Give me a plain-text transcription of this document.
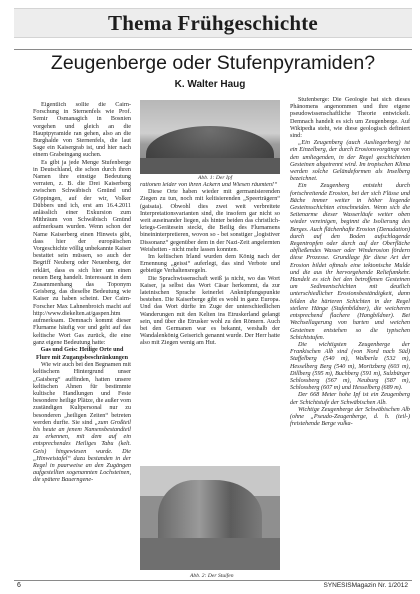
Thema Frühgeschichte
Zeugenberge oder Stufenpyramiden?
K. Walter Haug

Eigentlich sollte die Cairn-Forschung in Sternenfels wie Prof. Semir Osmanagich in Bosnien vorgehen und gleich an die Hauptpyramide ran gehen, also an die Burghalde von Sternenfels, die laut Sage ein Kaisergrab ist, und hier nach einem Grabeingang suchen.

Es gibt ja jede Menge Stufenberge in Deutschland, die schon durch ihren Namen ihre einstige Bedeutung verraten, z. B. die Drei Kaiserberg zwischen Schwäbisch Gmünd und Göppingen, auf der wir, Volker Dübbers und ich, erst am 16.4.2011 anlässlich einer Exkursion zum Mithräum von Schwäbisch Gmünd aufmerksam wurden. Wenn schon der Name Kaiserberg einen Hinweis gibt, dass hier der europäischen Vorgeschichte völlig unbekannte Kaiser bestattet sein müssen, so auch der Begriff Neuberg oder Neuenberg, der erklärt, dass es sich hier um einen neuen Berg handelt. Interessant in dem Zusammenhang das Toponym Geisberg, das dieselbe Bedeutung wie Kaiser zu haben scheint. Der Cairn-Forscher Max Lahnenbroich macht auf http://www.diekelten.at/gaspen.htm aufmerksam. Demnach kommt dieser Flurname häufig vor und geht auf das keltische Wort Gas zurück, die eine ganz eigene Bedeutung hatte:

Gas und Geis: Heilige Orte und Flure mit Zugangsbeschränkungen

Wie wir auch bei den Begnamen mit keltischem Hintergrund unser „Gaisberg“ auffinden, hatten unsere keltischen Ahnen für bestimmte kultische Handlungen und Feste besondere heilige Plätze, die außer vom zuständigen Kultpersonal nur zu besonderen „heiligen Zeiten“ betreten werden durfte. Sie sind „zum Großteil bis heute an jenem Namensbestandteil zu erkennen, mit dem auf ein entsprechendes Heiliges Tabu (kelt. Geis) hingewiesen wurde. Die „Hinweistafel“ dazu bestanden in der Regel in paarweise an den Zugängen aufgestellten sogenannten Lochsteinen, die spätere Bauerngene-

Abb. 1: Der Ipf

rationen leider von ihren Äckern und Wiesen räumten!“

Diese Orte haben wieder mit germanisierenden Ziegen zu tun, noch mit keltisierenden „Speerträgern“ (gaisata). Obwohl dies zwei weit verbreitete Interpretationsvarianten sind, die insofern gar nicht so weit auseinander liegen, als hinter beiden das christlich-kriegs-Gerätesein steckt, die Beilig des Flurnamens bineininterpretieren, wovon so - bei sonstiger „logistiver Dissonanz“ gegenüber dem in der Nazi-Zeit angelernten Weisheiten - nicht mehr lassen konnten.

Im keltischen Irland wurden dem König nach der Ernennung „geissi“ auferlegt, das sind Verbote und gebietige Verhaltensregeln.

Die Sprachwissenschaft weiß ja nicht, wo das Wort Kaiser, ja selbst das Wort Cäsar herkommt, da zur lateinischen Sprache keinerlei Anknüpfungspunkte bestehen. Die Kaiserberge gibt es wohl in ganz Europa. Und das Wort dürfte im Zuge der unterschiedlichen Wanderungen mit den Kelten ins Etruskerland gelangt sein, und über die Etrusker wohl zu den Römern. Auch bei den Germanen war es bekannt, weshalb der Wandalenkönig Geiserich genannt wurde. Der Herr hatte also mit Ziegen wenig am Hut.

Abb. 2: Der Stuifen

Stufenberge: Die Geologie hat sich dieses Phänomens angenommen und ihre eigene pseudowissenschaftliche Theorie entwickelt. Demnach handelt es sich um Zeugenberge. Auf Wikipedia steht, wie diese geologisch definiert sind:

„Ein Zeugenberg (auch Ausliegerberg) ist ein Einzelberg, der durch Erosionsvorgänge von den umliegenden, in der Regel geschichteten Gesteinen abgetrennt wird. Im tropischen Klima werden solche Geländeformen als Inselberg bezeichnet.

Ein Zeugenberg entsteht durch fortschreitende Erosion, bei der sich Flüsse und Bäche immer weiter in höher liegende Gesteinsschichten einschneiden. Wenn sich die Seitenarme dieser Wasserläufe weiter oben wieder vereinigen, beginnt die Isolierung des Berges. Auch flächenhafte Erosion (Denudation) durch auf den Boden aufschlagende Regentropfen oder durch auf der Oberfläche abfließendes Wasser oder Winderosion fördern diese Prozesse. Grundlage für diese Art der Erosion bildet oftmals eine tektonische Mulde und die aus ihr hervorgehende Reliefumkehr. Handelt es sich bei den betroffenen Gesteinen um Sedimentschichten mit deutlich unterschiedlicher Erosionsbeständigkeit, dann bilden die härteren Schichten in der Regel steilere Hänge (Stufenbildner), die weicheren entsprechend flachere (Hangbildner). Bei Wechsellagerung von harten und weichen Gesteinen entstehen so die typischen Schichtstufen.

Die wichtigsten Zeugenberge der Frankischen Alb sind (von Nord nach Süd) Staffelberg (540 m), Walberla (532 m), Hesselberg Berg (540 m), Moritzberg (603 m), Dillberg (595 m), Buchberg (591 m), Sulzbürger Schlossberg (567 m), Neuburg (587 m), Schlossberg (607 m) und Hesselberg (689 m).

Der 668 Meter hohe Ipf ist ein Zeugenberg der Schichtstufe der Schwäbischen Alb.

Wichtige Zeugenberge der Schwäbischen Alb (ohne „Pseudo-Zeugenberge, d. h. (teil-) freistehende Berge vulka-

6	SYNESISMagazin Nr. 1/2012
